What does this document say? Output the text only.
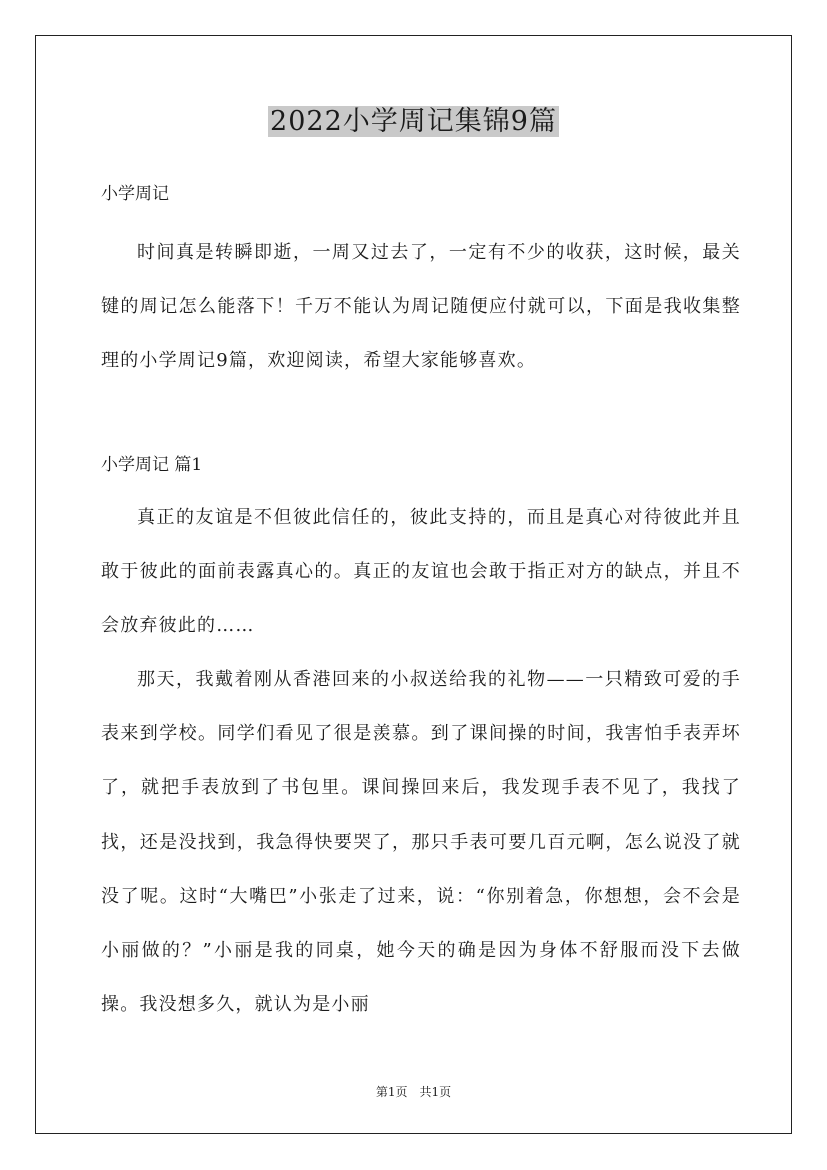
2022小学周记集锦9篇
小学周记
时间真是转瞬即逝，一周又过去了，一定有不少的收获，这时候，最关键的周记怎么能落下！千万不能认为周记随便应付就可以，下面是我收集整理的小学周记9篇，欢迎阅读，希望大家能够喜欢。
小学周记 篇1
真正的友谊是不但彼此信任的，彼此支持的，而且是真心对待彼此并且敢于彼此的面前表露真心的。真正的友谊也会敢于指正对方的缺点，并且不会放弃彼此的……
那天，我戴着刚从香港回来的小叔送给我的礼物——一只精致可爱的手表来到学校。同学们看见了很是羡慕。到了课间操的时间，我害怕手表弄坏了，就把手表放到了书包里。课间操回来后，我发现手表不见了，我找了找，还是没找到，我急得快要哭了，那只手表可要几百元啊，怎么说没了就没了呢。这时“大嘴巴”小张走了过来，说：“你别着急，你想想，会不会是小丽做的？”小丽是我的同桌，她今天的确是因为身体不舒服而没下去做操。我没想多久，就认为是小丽
第1页　共1页
